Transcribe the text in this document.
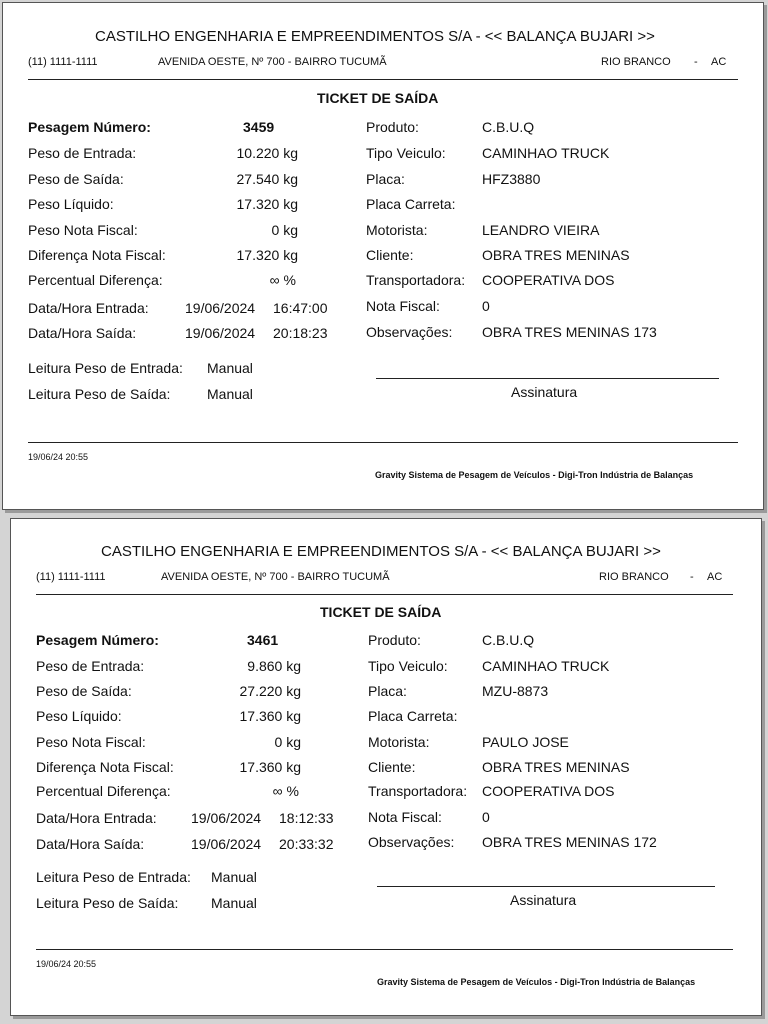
CASTILHO ENGENHARIA E EMPREENDIMENTOS S/A - << BALANÇA BUJARI >>
(11) 1111-1111	AVENIDA OESTE, Nº 700 - BAIRRO TUCUMÃ	RIO BRANCO - AC
TICKET DE SAÍDA
Pesagem Número:	3459
Peso de Entrada:	10.220 kg
Peso de Saída:	27.540 kg
Peso Líquido:	17.320 kg
Peso Nota Fiscal:	0 kg
Diferença Nota Fiscal:	17.320 kg
Percentual Diferença:	∞ %
Data/Hora Entrada:	19/06/2024 16:47:00
Data/Hora Saída:	19/06/2024 20:18:23
Leitura Peso de Entrada: Manual
Leitura Peso de Saída:	Manual
Produto:	C.B.U.Q
Tipo Veiculo:	CAMINHAO TRUCK
Placa:	HFZ3880
Placa Carreta:
Motorista:	LEANDRO VIEIRA
Cliente:	OBRA TRES MENINAS
Transportadora: COOPERATIVA DOS
Nota Fiscal:	0
Observações: OBRA TRES MENINAS 173
Assinatura
19/06/24 20:55
Gravity Sistema de Pesagem de Veículos - Digi-Tron Indústria de Balanças
CASTILHO ENGENHARIA E EMPREENDIMENTOS S/A - << BALANÇA BUJARI >>
(11) 1111-1111	AVENIDA OESTE, Nº 700 - BAIRRO TUCUMÃ	RIO BRANCO - AC
TICKET DE SAÍDA
Pesagem Número:	3461
Peso de Entrada:	9.860 kg
Peso de Saída:	27.220 kg
Peso Líquido:	17.360 kg
Peso Nota Fiscal:	0 kg
Diferença Nota Fiscal:	17.360 kg
Percentual Diferença:	∞ %
Data/Hora Entrada: 19/06/2024 18:12:33
Data/Hora Saída:	19/06/2024 20:33:32
Leitura Peso de Entrada: Manual
Leitura Peso de Saída: Manual
Produto:	C.B.U.Q
Tipo Veiculo: CAMINHAO TRUCK
Placa:	MZU-8873
Placa Carreta:
Motorista:	PAULO JOSE
Cliente:	OBRA TRES MENINAS
Transportadora: COOPERATIVA DOS
Nota Fiscal:	0
Observações: OBRA TRES MENINAS 172
Assinatura
19/06/24 20:55
Gravity Sistema de Pesagem de Veículos - Digi-Tron Indústria de Balanças
